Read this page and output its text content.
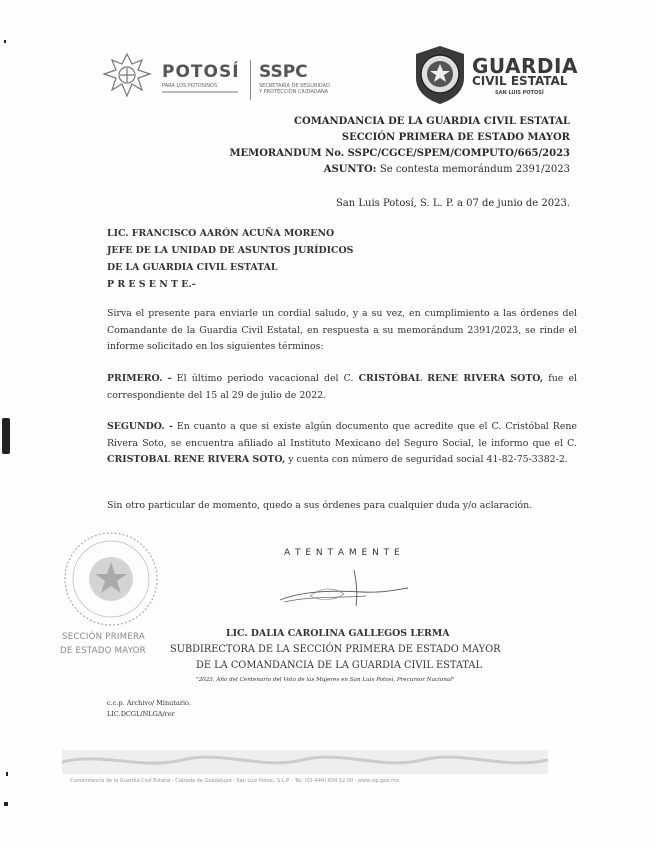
POTOSÍ
PARA LOS POTOSINOS
SSPC
SECRETARÍA DE SEGURIDAD
Y PROTECCIÓN CIUDADANA
GUARDIA
CIVIL ESTATAL
SAN LUIS POTOSÍ
COMANDANCIA DE LA GUARDIA CIVIL ESTATAL
SECCIÓN PRIMERA DE ESTADO MAYOR
MEMORANDUM No. SSPC/CGCE/SPEM/COMPUTO/665/2023
ASUNTO: Se contesta memorándum 2391/2023
San Luis Potosí, S. L. P. a 07 de junio de 2023.
LIC. FRANCISCO AARÓN ACUÑA MORENO
JEFE DE LA UNIDAD DE ASUNTOS JURÍDICOS
DE LA GUARDIA CIVIL ESTATAL
P R E S E N T E.-
Sirva el presente para enviarle un cordial saludo, y a su vez, en cumplimiento a las órdenes del Comandante de la Guardia Civil Estatal, en respuesta a su memorándum 2391/2023, se rinde el informe solicitado en los siguientes términos:
PRIMERO. - El último periodo vacacional del C. CRISTÓBAL RENE RIVERA SOTO, fue el correspondiente del 15 al 29 de julio de 2022.
SEGUNDO. - En cuanto a que si existe algún documento que acredite que el C. Cristóbal Rene Rivera Soto, se encuentra afiliado al Instituto Mexicano del Seguro Social, le informo que el C. CRISTOBAL RENE RIVERA SOTO, y cuenta con número de seguridad social 41-82-75-3382-2.
Sin otro particular de momento, quedo a sus órdenes para cualquier duda y/o aclaración.
SECCIÓN PRIMERA
DE ESTADO MAYOR
A T E N T A M E N T E
LIC. DALIA CAROLINA GALLEGOS LERMA
SUBDIRECTORA DE LA SECCIÓN PRIMERA DE ESTADO MAYOR
DE LA COMANDANCIA DE LA GUARDIA CIVIL ESTATAL
"2023, Año del Centenario del Voto de las Mujeres en San Luis Potosí, Precursor Nacional"
c.c.p. Archivo/ Minutario.
LIC.DCGL/NLGA/rer
Comandancia de la Guardia Civil Estatal · Calzada de Guadalupe · San Luis Potosí, S.L.P. · Tel. (01-444) 834 52 00 · www.slp.gob.mx
